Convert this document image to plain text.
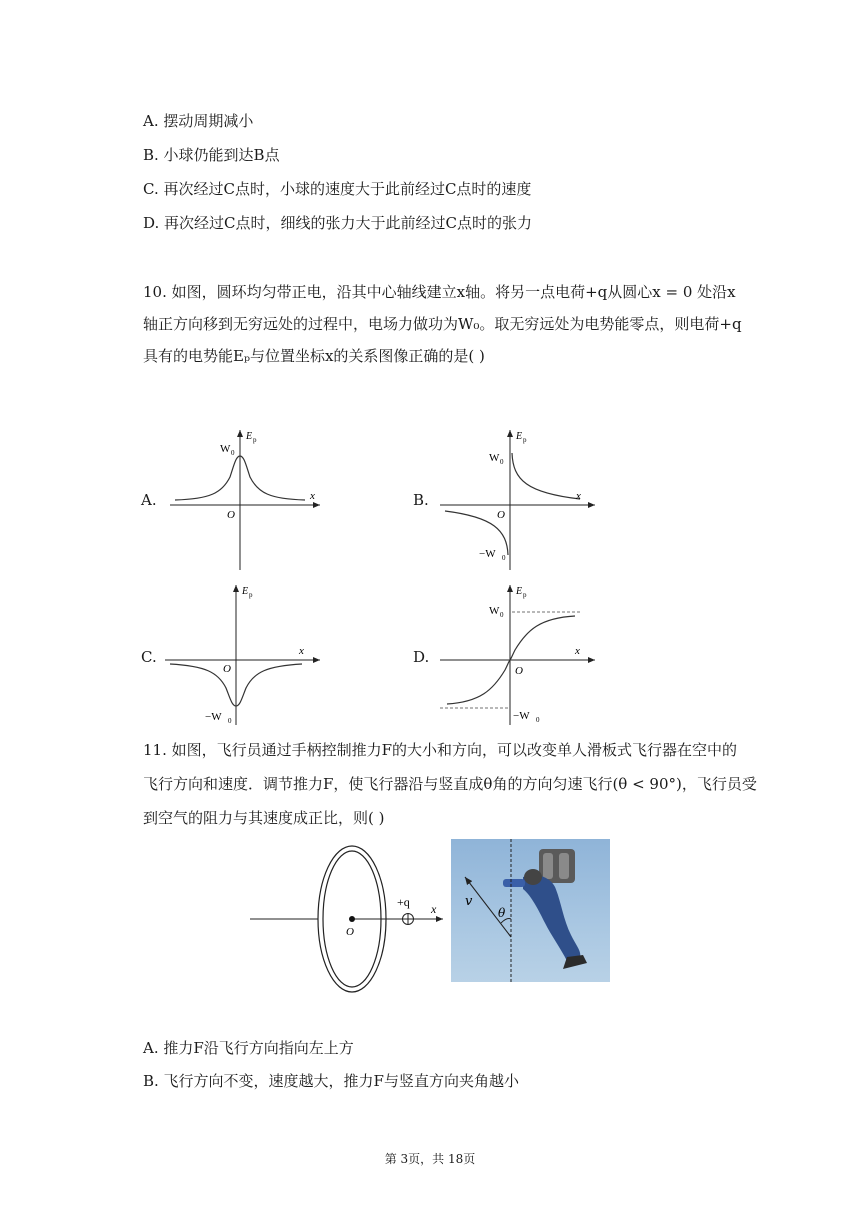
A. 摆动周期减小
B. 小球仍能到达B点
C. 再次经过C点时，小球的速度大于此前经过C点时的速度
D. 再次经过C点时，细线的张力大于此前经过C点时的张力
10. 如图，圆环均匀带正电，沿其中心轴线建立x轴。将另一点电荷+q从圆心x = 0 处沿x
轴正方向移到无穷远处的过程中，电场力做功为W₀。取无穷远处为电势能零点，则电荷+q
具有的电势能Eₚ与位置坐标x的关系图像正确的是( )
A.
E p
x
O
W 0
B.
E p
x
O
W 0
−W 0
C.
E p
x
O
−W 0
D.
E p
x
O
W 0
−W 0
11. 如图，飞行员通过手柄控制推力F的大小和方向，可以改变单人滑板式飞行器在空中的
飞行方向和速度．调节推力F，使飞行器沿与竖直成θ角的方向匀速飞行(θ < 90°)，飞行员受
到空气的阻力与其速度成正比，则( )
+q x
O
v
θ
A. 推力F沿飞行方向指向左上方
B. 飞行方向不变，速度越大，推力F与竖直方向夹角越小
第 3页，共 18页
